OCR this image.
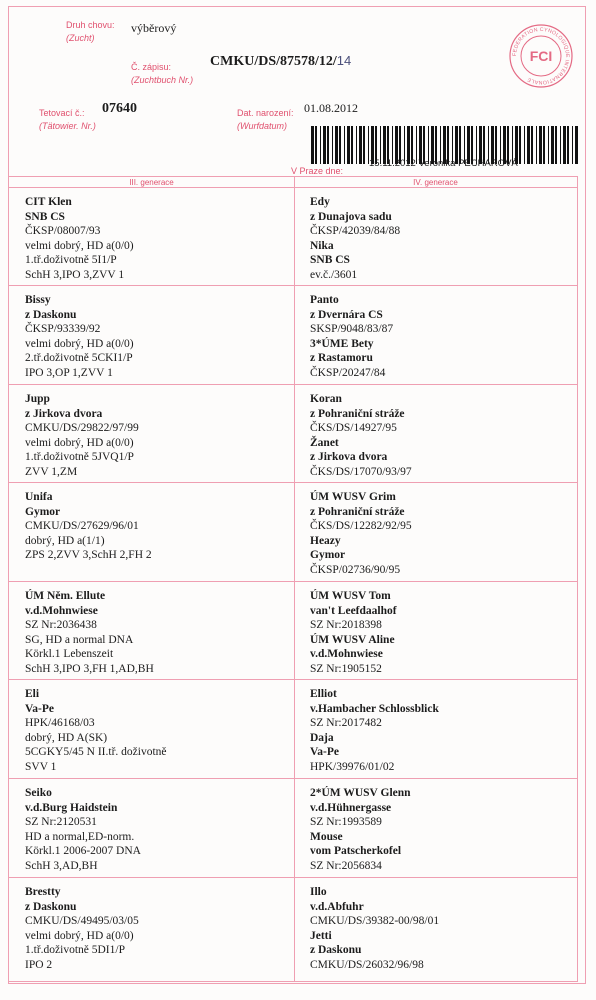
Druh chovu:
(Zucht)
výběrový
Č. zápisu:
(Zuchtbuch Nr.)
CMKU/DS/87578/12/14
Tetovací č.:
(Tätowier. Nr.)
07640	Dat. narození:
(Wurfdatum)
01.08.2012
FEDERATION CYNOLOGIQUE INTERNATIONALE
FCI
V Praze dne:
15.11.2012 Veronika PECHAROVÁ
III. generace	IV. generace
CIT Klen
SNB CS
ČKSP/08007/93
velmi dobrý, HD a(0/0)
1.tř.doživotně 5I1/P
SchH 3,IPO 3,ZVV 1
Edy
z Dunajova sadu
ČKSP/42039/84/88
Nika
SNB CS
ev.č./3601
Bissy
z Daskonu
ČKSP/93339/92
velmi dobrý, HD a(0/0)
2.tř.doživotně 5CKI1/P
IPO 3,OP 1,ZVV 1
Panto
z Dvernára CS
SKSP/9048/83/87
3*ÚME Bety
z Rastamoru
ČKSP/20247/84
Jupp
z Jirkova dvora
CMKU/DS/29822/97/99
velmi dobrý, HD a(0/0)
1.tř.doživotně 5JVQ1/P
ZVV 1,ZM
Koran
z Pohraniční stráže
ČKS/DS/14927/95
Žanet
z Jirkova dvora
ČKS/DS/17070/93/97
Unifa
Gymor
CMKU/DS/27629/96/01
dobrý, HD a(1/1)
ZPS 2,ZVV 3,SchH 2,FH 2
ÚM WUSV Grim
z Pohraniční stráže
ČKS/DS/12282/92/95
Heazy
Gymor
ČKSP/02736/90/95
ÚM Něm. Ellute
v.d.Mohnwiese
SZ Nr:2036438
SG, HD a normal DNA
Körkl.1 Lebenszeit
SchH 3,IPO 3,FH 1,AD,BH
ÚM WUSV Tom
van't Leefdaalhof
SZ Nr:2018398
ÚM WUSV Aline
v.d.Mohnwiese
SZ Nr:1905152
Eli
Va-Pe
HPK/46168/03
dobrý, HD A(SK)
5CGKY5/45 N II.tř. doživotně
SVV 1
Elliot
v.Hambacher Schlossblick
SZ Nr:2017482
Daja
Va-Pe
HPK/39976/01/02
Seiko
v.d.Burg Haidstein
SZ Nr:2120531
HD a normal,ED-norm.
Körkl.1 2006-2007 DNA
SchH 3,AD,BH
2*ÚM WUSV Glenn
v.d.Hühnergasse
SZ Nr:1993589
Mouse
vom Patscherkofel
SZ Nr:2056834
Brestty
z Daskonu
CMKU/DS/49495/03/05
velmi dobrý, HD a(0/0)
1.tř.doživotně 5DI1/P
IPO 2
Illo
v.d.Abfuhr
CMKU/DS/39382-00/98/01
Jetti
z Daskonu
CMKU/DS/26032/96/98
